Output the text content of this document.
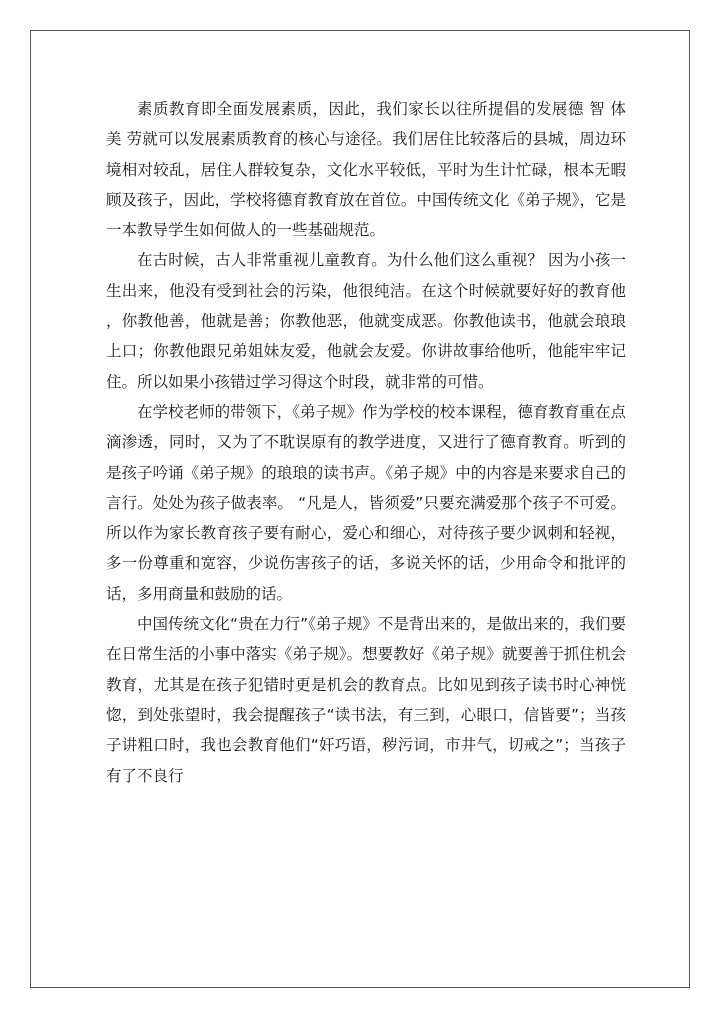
素质教育即全面发展素质，因此，我们家长以往所提倡的发展德 智 体 美 劳就可以发展素质教育的核心与途径。我们居住比较落后的县城，周边环境相对较乱，居住人群较复杂，文化水平较低，平时为生计忙碌，根本无暇顾及孩子，因此，学校将德育教育放在首位。中国传统文化《弟子规》，它是一本教导学生如何做人的一些基础规范。

在古时候，古人非常重视儿童教育。为什么他们这么重视？ 因为小孩一生出来，他没有受到社会的污染，他很纯洁。在这个时候就要好好的教育他，你教他善，他就是善；你教他恶，他就变成恶。你教他读书，他就会琅琅上口；你教他跟兄弟姐妹友爱，他就会友爱。你讲故事给他听，他能牢牢记住。所以如果小孩错过学习得这个时段，就非常的可惜。

在学校老师的带领下，《弟子规》作为学校的校本课程，德育教育重在点滴渗透，同时，又为了不耽误原有的教学进度，又进行了德育教育。听到的是孩子吟诵《弟子规》的琅琅的读书声。《弟子规》中的内容是来要求自己的言行。处处为孩子做表率。 “凡是人，皆须爱”只要充满爱那个孩子不可爱。所以作为家长教育孩子要有耐心，爱心和细心，对待孩子要少讽刺和轻视，多一份尊重和宽容，少说伤害孩子的话，多说关怀的话，少用命令和批评的话，多用商量和鼓励的话。

中国传统文化“贵在力行”《弟子规》不是背出来的，是做出来的，我们要在日常生活的小事中落实《弟子规》。想要教好《弟子规》就要善于抓住机会教育，尤其是在孩子犯错时更是机会的教育点。比如见到孩子读书时心神恍惚，到处张望时，我会提醒孩子“读书法，有三到，心眼口，信皆要”；当孩子讲粗口时，我也会教育他们“奸巧语，秽污词，市井气，切戒之”；当孩子有了不良行
